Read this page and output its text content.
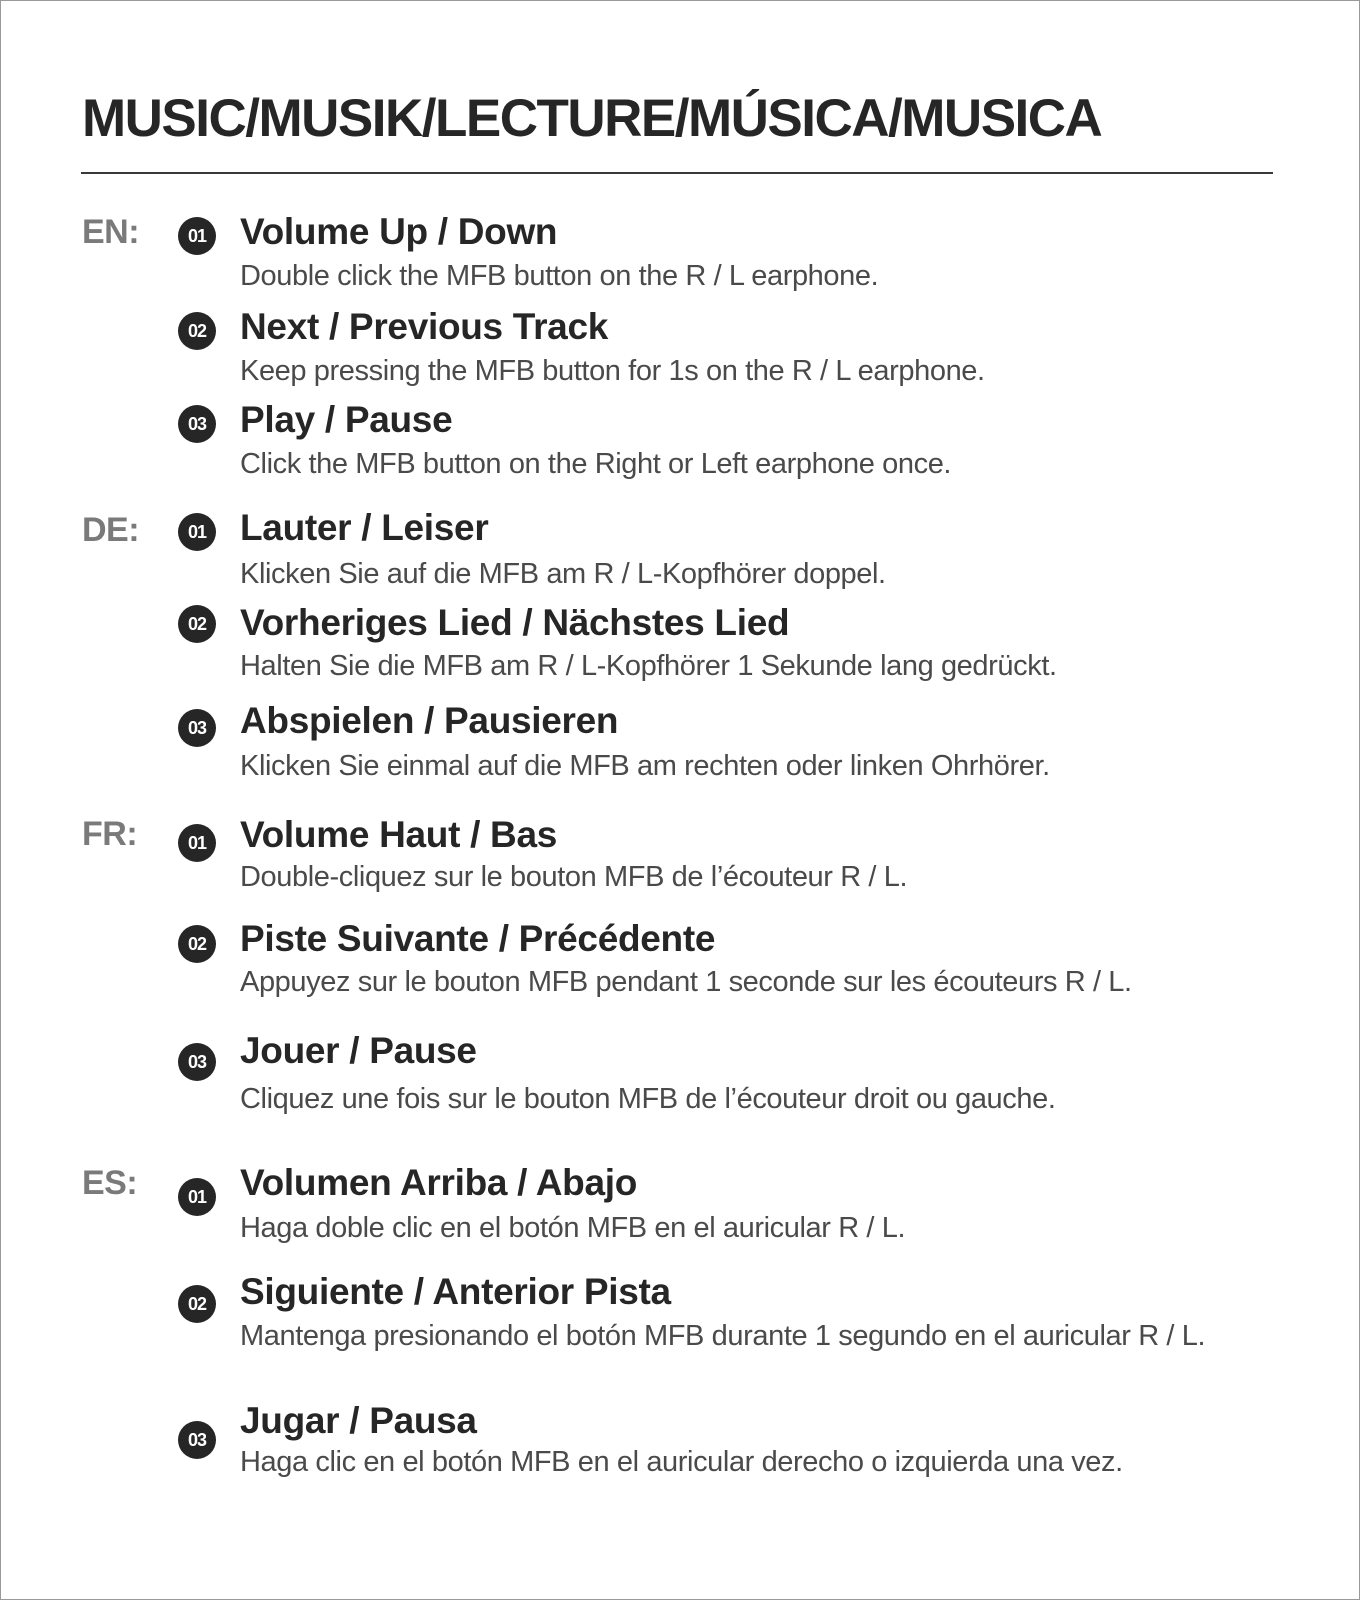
MUSIC/MUSIK/LECTURE/MÚSICA/MUSICA
EN:	01 Volume Up / Down
Double click the MFB button on the R / L earphone.
02 Next / Previous Track
Keep pressing the MFB button for 1s on the R / L earphone.
03 Play / Pause
Click the MFB button on the Right or Left earphone once.
DE:	01 Lauter / Leiser
Klicken Sie auf die MFB am R / L-Kopfhörer doppel.
02 Vorheriges Lied / Nächstes Lied
Halten Sie die MFB am R / L-Kopfhörer 1 Sekunde lang gedrückt.
03 Abspielen / Pausieren
Klicken Sie einmal auf die MFB am rechten oder linken Ohrhörer.
FR:	01 Volume Haut / Bas
Double-cliquez sur le bouton MFB de l’écouteur R / L.
02 Piste Suivante / Précédente
Appuyez sur le bouton MFB pendant 1 seconde sur les écouteurs R / L.
03 Jouer / Pause
Cliquez une fois sur le bouton MFB de l’écouteur droit ou gauche.
ES:	01 Volumen Arriba / Abajo
Haga doble clic en el botón MFB en el auricular R / L.
02 Siguiente / Anterior Pista
Mantenga presionando el botón MFB durante 1 segundo en el auricular R / L.
03 Jugar / Pausa
Haga clic en el botón MFB en el auricular derecho o izquierda una vez.
